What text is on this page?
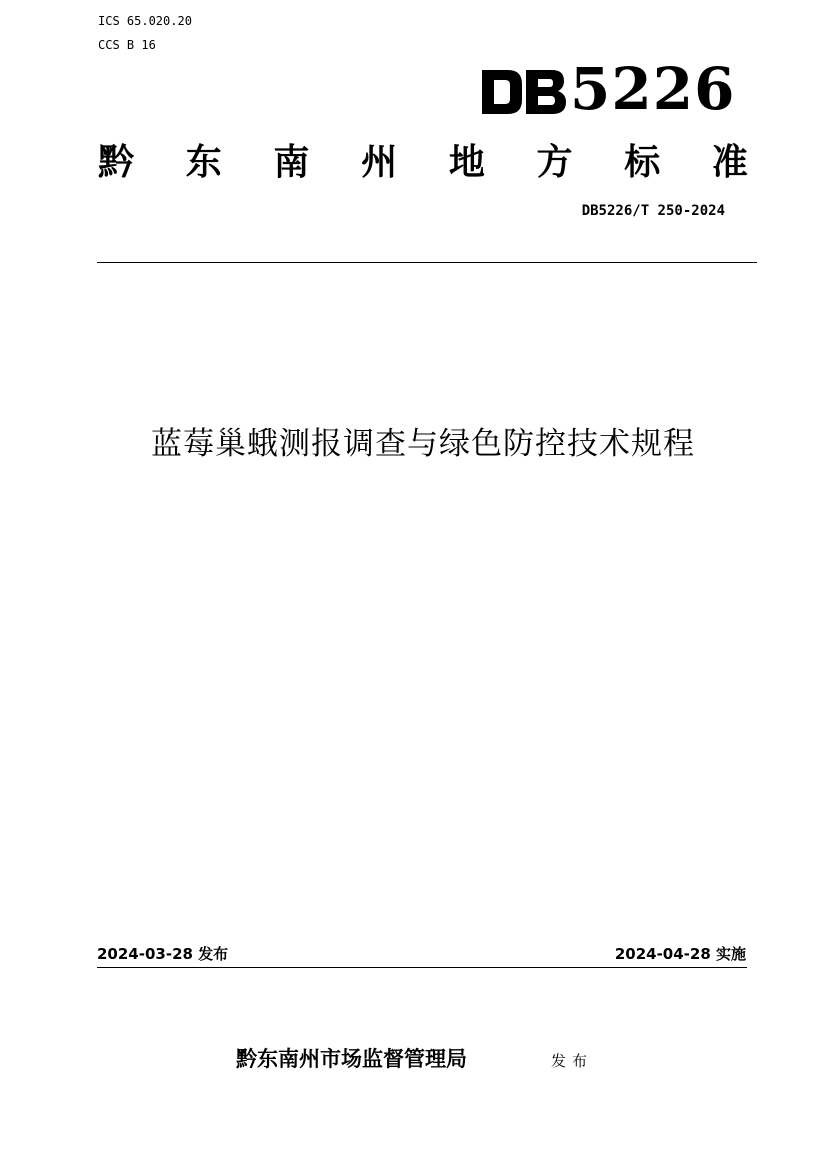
ICS 65.020.20
CCS B 16
5226
黔 东 南 州 地 方 标 准
DB5226/T 250-2024
蓝莓巢蛾测报调查与绿色防控技术规程
2024-03-28 发布	2024-04-28 实施
黔东南州市场监督管理局	发布
